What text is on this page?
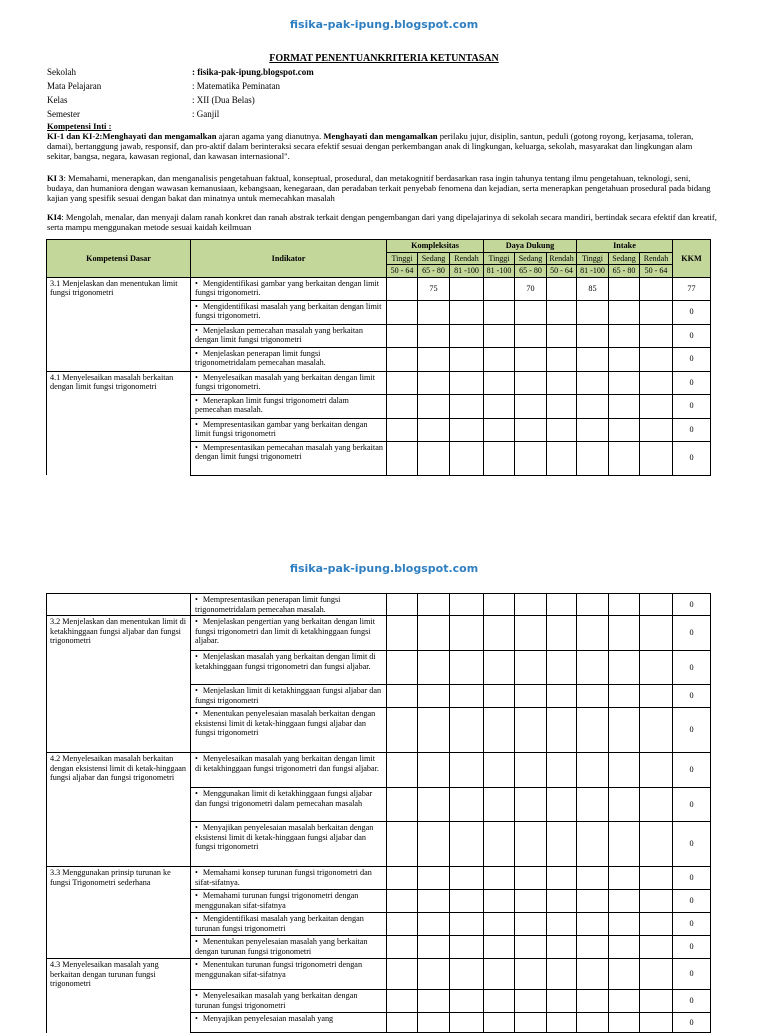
fisika-pak-ipung.blogspot.com
FORMAT PENENTUANKRITERIA KETUNTASAN
Sekolah	: fisika-pak-ipung.blogspot.com
Mata Pelajaran	: Matematika Peminatan
Kelas	: XII (Dua Belas)
Semester	: Ganjil
Kompetensi Inti :
KI-1 dan KI-2:Menghayati dan mengamalkan ajaran agama yang dianutnya. Menghayati dan mengamalkan perilaku jujur, disiplin, santun, peduli (gotong royong, kerjasama, toleran, damai), bertanggung jawab, responsif, dan pro-aktif dalam berinteraksi secara efektif sesuai dengan perkembangan anak di lingkungan, keluarga, sekolah, masyarakat dan lingkungan alam sekitar, bangsa, negara, kawasan regional, dan kawasan internasional".
KI 3: Memahami, menerapkan, dan menganalisis pengetahuan faktual, konseptual, prosedural, dan metakognitif berdasarkan rasa ingin tahunya tentang ilmu pengetahuan, teknologi, seni, budaya, dan humaniora dengan wawasan kemanusiaan, kebangsaan, kenegaraan, dan peradaban terkait penyebab fenomena dan kejadian, serta menerapkan pengetahuan prosedural pada bidang kajian yang spesifik sesuai dengan bakat dan minatnya untuk memecahkan masalah
KI4: Mengolah, menalar, dan menyaji dalam ranah konkret dan ranah abstrak terkait dengan pengembangan dari yang dipelajarinya di sekolah secara mandiri, bertindak secara efektif dan kreatif, serta mampu menggunakan metode sesuai kaidah keilmuan
Kompetensi Dasar	Indikator	Kompleksitas			Daya Dukung			Intake			KKM
		Tinggi	Sedang	Rendah	Tinggi	Sedang	Rendah	Tinggi	Sedang	Rendah	
		50 - 64	65 - 80	81 -100	81 -100	65 - 80	50 - 64	81 -100	65 - 80	50 - 64	
3.1 Menjelaskan dan menentukan limit fungsi trigonometri	• Mengidentifikasi gambar yang berkaitan dengan limit fungsi trigonometri.		75			70		85			77
	• Mengidentifikasi masalah yang berkaitan dengan limit fungsi trigonometri.										0
	• Menjelaskan pemecahan masalah yang berkaitan dengan limit fungsi trigonometri										0
	• Menjelaskan penerapan limit fungsi trigonometridalam pemecahan masalah.										0
4.1 Menyelesaikan masalah berkaitan dengan limit fungsi trigonometri	• Menyelesaikan masalah yang berkaitan dengan limit fungsi trigonometri.										0
	• Menerapkan limit fungsi trigonometri dalam pemecahan masalah.										0
	• Mempresentasikan gambar yang berkaitan dengan limit fungsi trigonometri										0
	• Mempresentasikan pemecahan masalah yang berkaitan dengan limit fungsi trigonometri										0
fisika-pak-ipung.blogspot.com
	• Mempresentasikan penerapan limit fungsi trigonometridalam pemecahan masalah.										0
3.2 Menjelaskan dan menentukan limit di ketakhinggaan fungsi aljabar dan fungsi trigonometri	• Menjelaskan pengertian yang berkaitan dengan limit fungsi trigonometri dan limit di ketakhinggaan fungsi aljabar.										0
	• Menjelaskan masalah yang berkaitan dengan limit di ketakhinggaan fungsi trigonometri dan fungsi aljabar.										0
	• Menjelaskan limit di ketakhinggaan fungsi aljabar dan fungsi trigonometri										0
	• Menentukan penyelesaian masalah berkaitan dengan eksistensi limit di ketak-hinggaan fungsi aljabar dan fungsi trigonometri										0
4.2 Menyelesaikan masalah berkaitan dengan eksistensi limit di ketak-hinggaan fungsi aljabar dan fungsi trigonometri	• Menyelesaikan masalah yang berkaitan dengan limit di ketakhinggaan fungsi trigonometri dan fungsi aljabar.										0
	• Menggunakan limit di ketakhinggaan fungsi aljabar dan fungsi trigonometri dalam pemecahan masalah										0
	• Menyajikan penyelesaian masalah berkaitan dengan eksistensi limit di ketak-hinggaan fungsi aljabar dan fungsi trigonometri										0
3.3 Menggunakan prinsip turunan ke fungsi Trigonometri sederhana	• Memahami konsep turunan fungsi trigonometri dan sifat-sifatnya.										0
	• Memahami turunan fungsi trigonometri dengan menggunakan sifat-sifatnya										0
	• Mengidentifikasi masalah yang berkaitan dengan turunan fungsi trigonometri										0
	• Menentukan penyelesaian masalah yang berkaitan dengan turunan fungsi trigonometri										0
4.3 Menyelesaikan masalah yang berkaitan dengan turunan fungsi trigonometri	• Menentukan turunan fungsi trigonometri dengan menggunakan sifat-sifatnya										0
	• Menyelesaikan masalah yang berkaitan dengan turunan fungsi trigonometri										0
	• Menyajikan penyelesaian masalah yang										0
